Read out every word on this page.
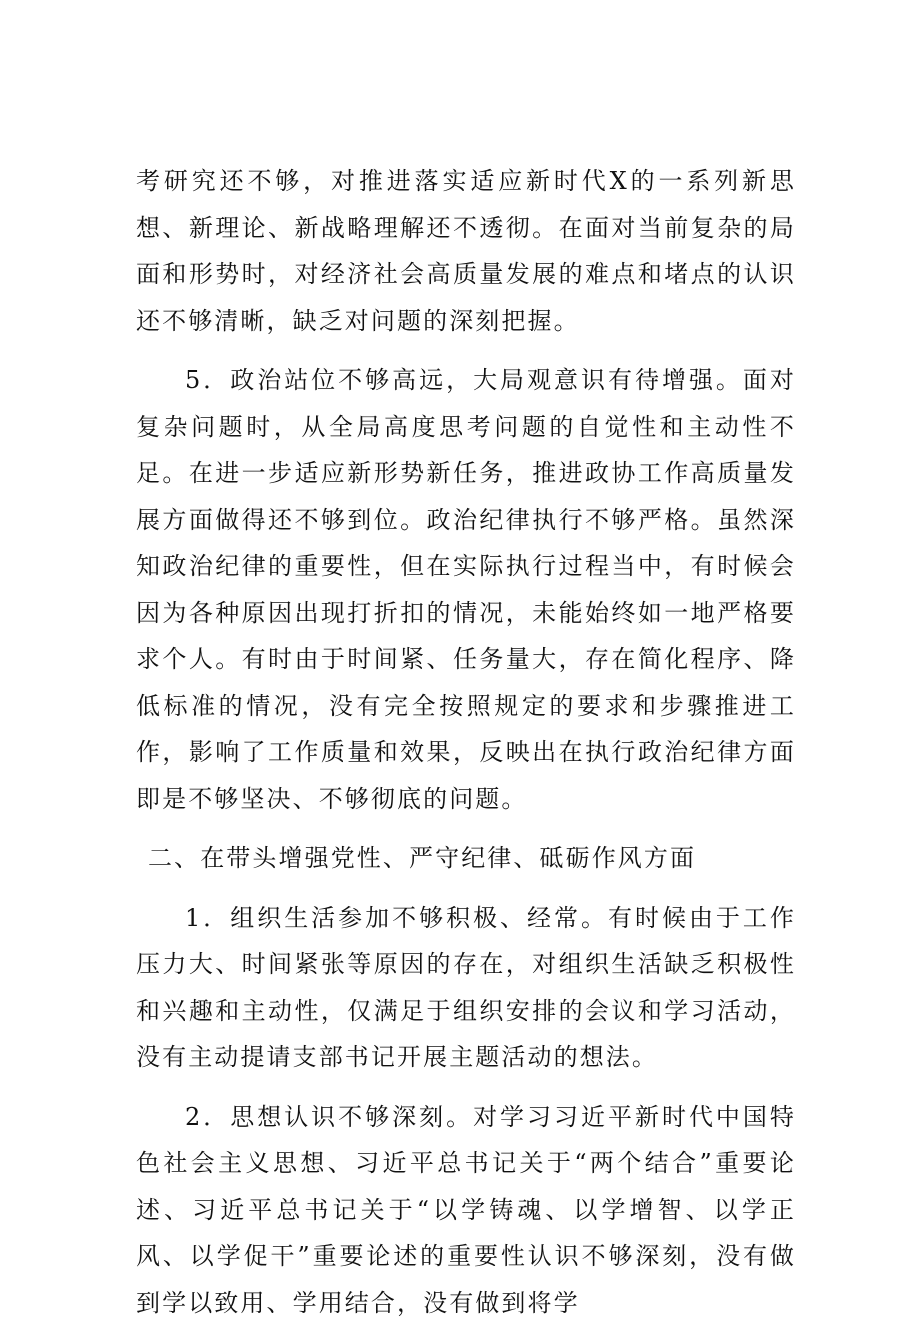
考研究还不够，对推进落实适应新时代X的一系列新思想、新理论、新战略理解还不透彻。在面对当前复杂的局面和形势时，对经济社会高质量发展的难点和堵点的认识还不够清晰，缺乏对问题的深刻把握。

5．政治站位不够高远，大局观意识有待增强。面对复杂问题时，从全局高度思考问题的自觉性和主动性不足。在进一步适应新形势新任务，推进政协工作高质量发展方面做得还不够到位。政治纪律执行不够严格。虽然深知政治纪律的重要性，但在实际执行过程当中，有时候会因为各种原因出现打折扣的情况，未能始终如一地严格要求个人。有时由于时间紧、任务量大，存在简化程序、降低标准的情况，没有完全按照规定的要求和步骤推进工作，影响了工作质量和效果，反映出在执行政治纪律方面即是不够坚决、不够彻底的问题。

二、在带头增强党性、严守纪律、砥砺作风方面

1．组织生活参加不够积极、经常。有时候由于工作压力大、时间紧张等原因的存在，对组织生活缺乏积极性和兴趣和主动性，仅满足于组织安排的会议和学习活动，没有主动提请支部书记开展主题活动的想法。

2．思想认识不够深刻。对学习习近平新时代中国特色社会主义思想、习近平总书记关于“两个结合”重要论述、习近平总书记关于“以学铸魂、以学增智、以学正风、以学促干”重要论述的重要性认识不够深刻，没有做到学以致用、学用结合，没有做到将学
